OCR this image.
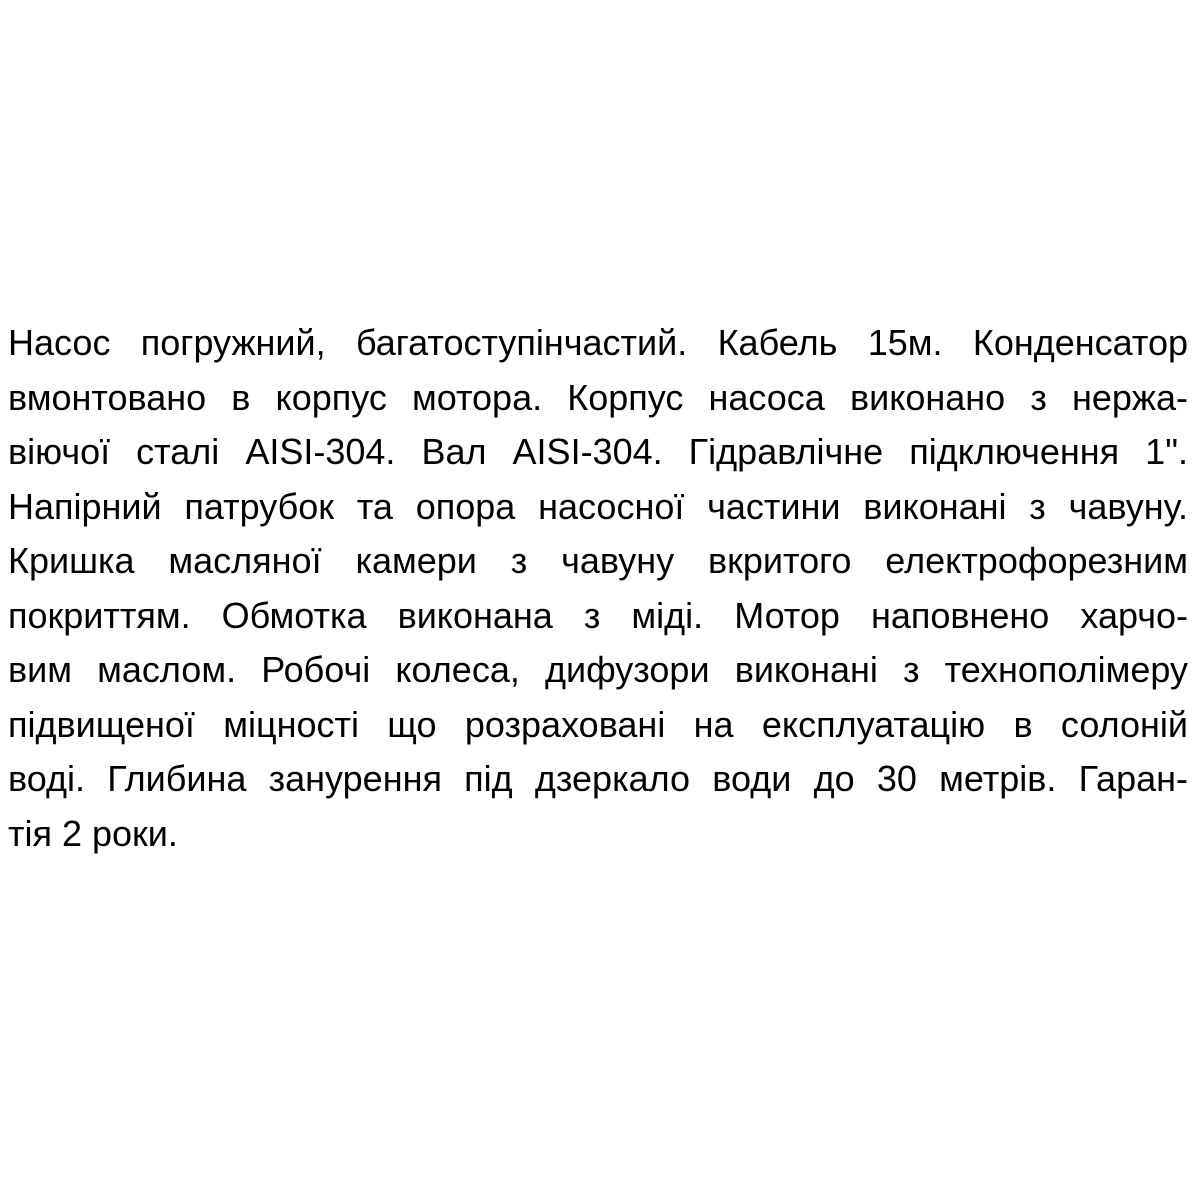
Насос погружний, багатоступінчастий. Кабель 15м. Конденсатор
вмонтовано в корпус мотора. Корпус насоса виконано з нержа-
віючої сталі AISI-304. Вал AISI-304. Гідравлічне підключення 1".
Напірний патрубок та опора насосної частини виконані з чавуну.
Кришка масляної камери з чавуну вкритого електрофорезним
покриттям. Обмотка виконана з міді. Мотор наповнено харчо-
вим маслом. Робочі колеса, дифузори виконані з технополімеру
підвищеної міцності що розраховані на експлуатацію в солоній
воді. Глибина занурення під дзеркало води до 30 метрів. Гаран-
тія 2 роки.
